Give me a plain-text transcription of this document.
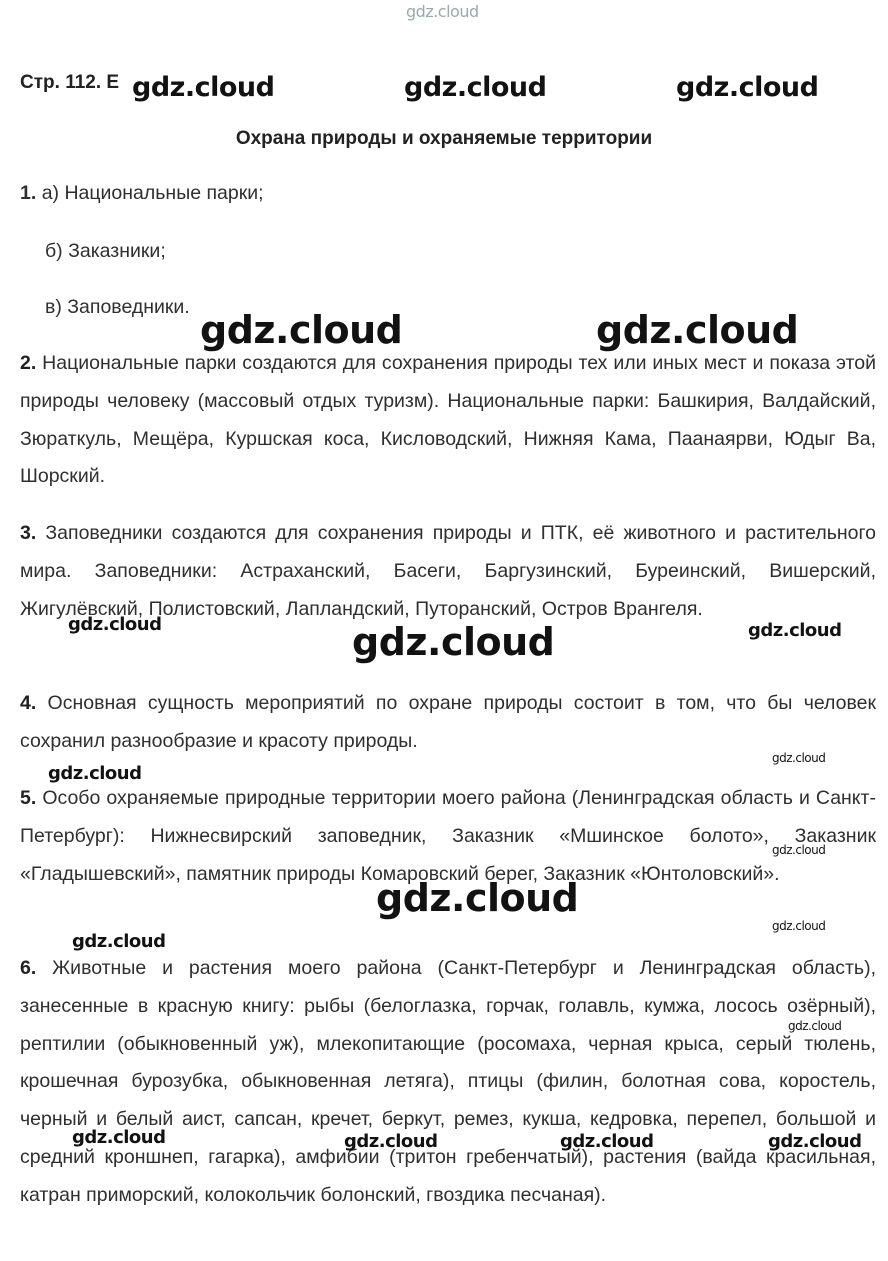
Стр. 112. Е
Охрана природы и охраняемые территории
1. а) Национальные парки;
б) Заказники;
в) Заповедники.

2. Национальные парки создаются для сохранения природы тех или иных мест и показа этой природы человеку (массовый отдых туризм). Национальные парки: Башкирия, Валдайский, Зюраткуль, Мещёра, Куршская коса, Кисловодский, Нижняя Кама, Паанаярви, Юдыг Ва, Шорский.

3. Заповедники создаются для сохранения природы и ПТК, её животного и растительного мира. Заповедники: Астраханский, Басеги, Баргузинский, Буреинский, Вишерский, Жигулёвский, Полистовский, Лапландский, Путоранский, Остров Врангеля.

4. Основная сущность мероприятий по охране природы состоит в том, что бы человек сохранил разнообразие и красоту природы.

5. Особо охраняемые природные территории моего района (Ленинградская область и Санкт-Петербург): Нижнесвирский заповедник, Заказник «Мшинское болото», Заказник «Гладышевский», памятник природы Комаровский берег, Заказник «Юнтоловский».

6. Животные и растения моего района (Санкт-Петербург и Ленинградская область), занесенные в красную книгу: рыбы (белоглазка, горчак, голавль, кумжа, лосось озёрный), рептилии (обыкновенный уж), млекопитающие (росомаха, черная крыса, серый тюлень, крошечная бурозубка, обыкновенная летяга), птицы (филин, болотная сова, коростель, черный и белый аист, сапсан, кречет, беркут, ремез, кукша, кедровка, перепел, большой и средний кроншнеп, гагарка), амфибии (тритон гребенчатый), растения (вайда красильная, катран приморский, колокольчик болонский, гвоздика песчаная).

gdz.cloud
gdz.cloud	gdz.cloud	gdz.cloud
gdz.cloud	gdz.cloud
gdz.cloud	gdz.cloud	gdz.cloud
gdz.cloud
gdz.cloud
gdz.cloud
gdz.cloud
gdz.cloud
gdz.cloud
gdz.cloud
gdz.cloud	gdz.cloud	gdz.cloud	gdz.cloud
